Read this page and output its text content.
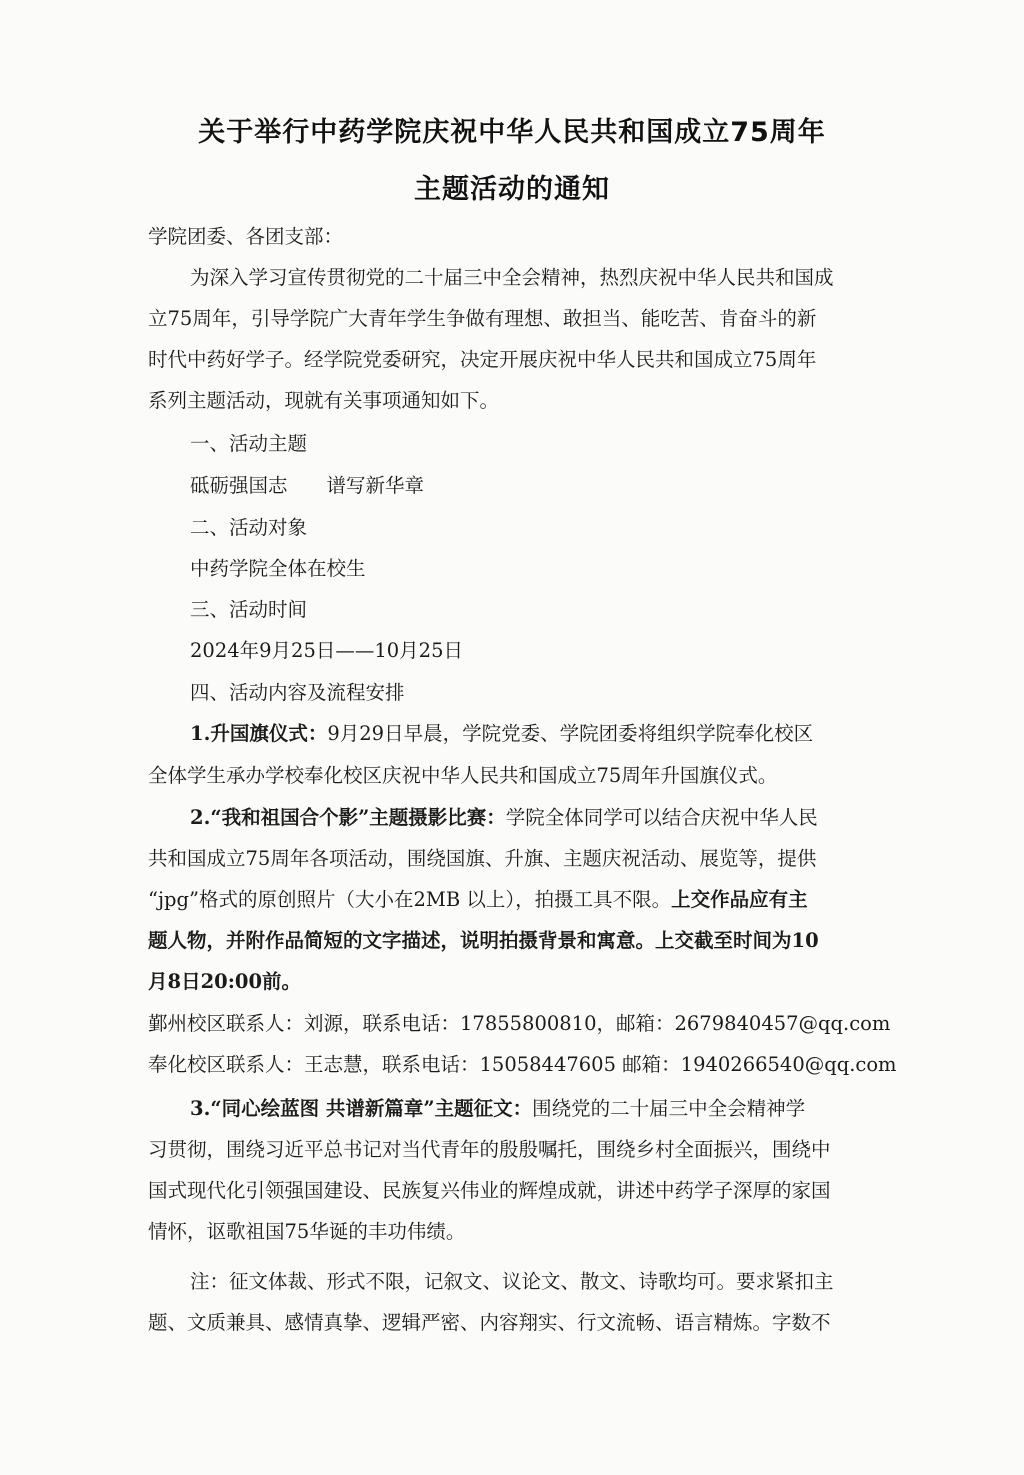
关于举行中药学院庆祝中华人民共和国成立75周年
主题活动的通知
学院团委、各团支部：
为深入学习宣传贯彻党的二十届三中全会精神，热烈庆祝中华人民共和国成
立75周年，引导学院广大青年学生争做有理想、敢担当、能吃苦、肯奋斗的新
时代中药好学子。经学院党委研究，决定开展庆祝中华人民共和国成立75周年
系列主题活动，现就有关事项通知如下。
一、活动主题
砥砺强国志　　谱写新华章
二、活动对象
中药学院全体在校生
三、活动时间
2024年9月25日——10月25日
四、活动内容及流程安排
1.升国旗仪式：9月29日早晨，学院党委、学院团委将组织学院奉化校区
全体学生承办学校奉化校区庆祝中华人民共和国成立75周年升国旗仪式。
2.“我和祖国合个影”主题摄影比赛：学院全体同学可以结合庆祝中华人民
共和国成立75周年各项活动，围绕国旗、升旗、主题庆祝活动、展览等，提供
“jpg”格式的原创照片（大小在2MB 以上），拍摄工具不限。上交作品应有主
题人物，并附作品简短的文字描述，说明拍摄背景和寓意。上交截至时间为10
月8日20:00前。
鄞州校区联系人：刘源，联系电话：17855800810，邮箱：2679840457@qq.com
奉化校区联系人：王志慧，联系电话：15058447605 邮箱：1940266540@qq.com
3.“同心绘蓝图 共谱新篇章”主题征文：围绕党的二十届三中全会精神学
习贯彻，围绕习近平总书记对当代青年的殷殷嘱托，围绕乡村全面振兴，围绕中
国式现代化引领强国建设、民族复兴伟业的辉煌成就，讲述中药学子深厚的家国
情怀，讴歌祖国75华诞的丰功伟绩。
注：征文体裁、形式不限，记叙文、议论文、散文、诗歌均可。要求紧扣主
题、文质兼具、感情真挚、逻辑严密、内容翔实、行文流畅、语言精炼。字数不
